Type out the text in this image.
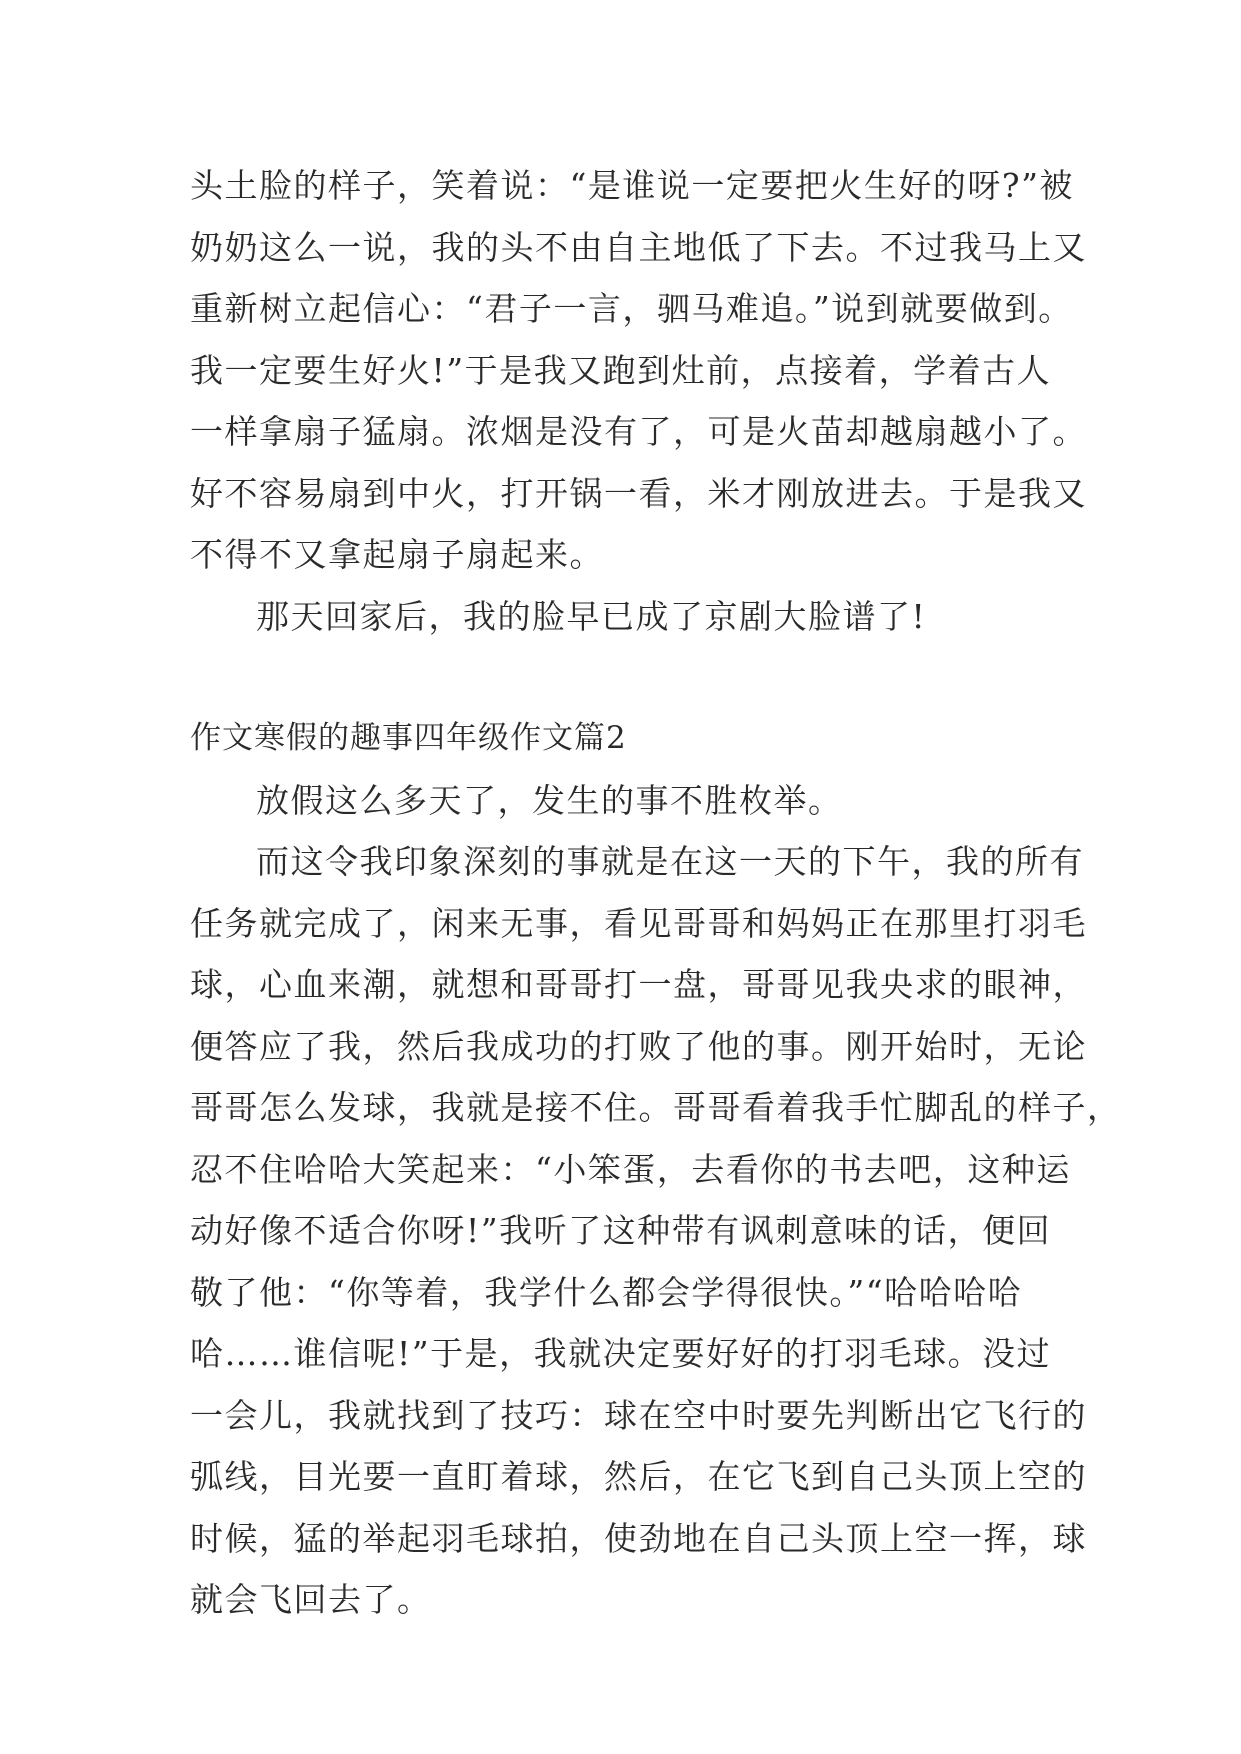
头土脸的样子，笑着说：“是谁说一定要把火生好的呀?”被
奶奶这么一说，我的头不由自主地低了下去。不过我马上又
重新树立起信心：“君子一言，驷马难追。”说到就要做到。
我一定要生好火!”于是我又跑到灶前，点接着，学着古人
一样拿扇子猛扇。浓烟是没有了，可是火苗却越扇越小了。
好不容易扇到中火，打开锅一看，米才刚放进去。于是我又
不得不又拿起扇子扇起来。

那天回家后，我的脸早已成了京剧大脸谱了!

作文寒假的趣事四年级作文篇2

放假这么多天了，发生的事不胜枚举。

而这令我印象深刻的事就是在这一天的下午，我的所有
任务就完成了，闲来无事，看见哥哥和妈妈正在那里打羽毛
球，心血来潮，就想和哥哥打一盘，哥哥见我央求的眼神，
便答应了我，然后我成功的打败了他的事。刚开始时，无论
哥哥怎么发球，我就是接不住。哥哥看着我手忙脚乱的样子，
忍不住哈哈大笑起来：“小笨蛋，去看你的书去吧，这种运
动好像不适合你呀!”我听了这种带有讽刺意味的话，便回
敬了他：“你等着，我学什么都会学得很快。”“哈哈哈哈
哈……谁信呢!”于是，我就决定要好好的打羽毛球。没过
一会儿，我就找到了技巧：球在空中时要先判断出它飞行的
弧线，目光要一直盯着球，然后，在它飞到自己头顶上空的
时候，猛的举起羽毛球拍，使劲地在自己头顶上空一挥，球
就会飞回去了。
